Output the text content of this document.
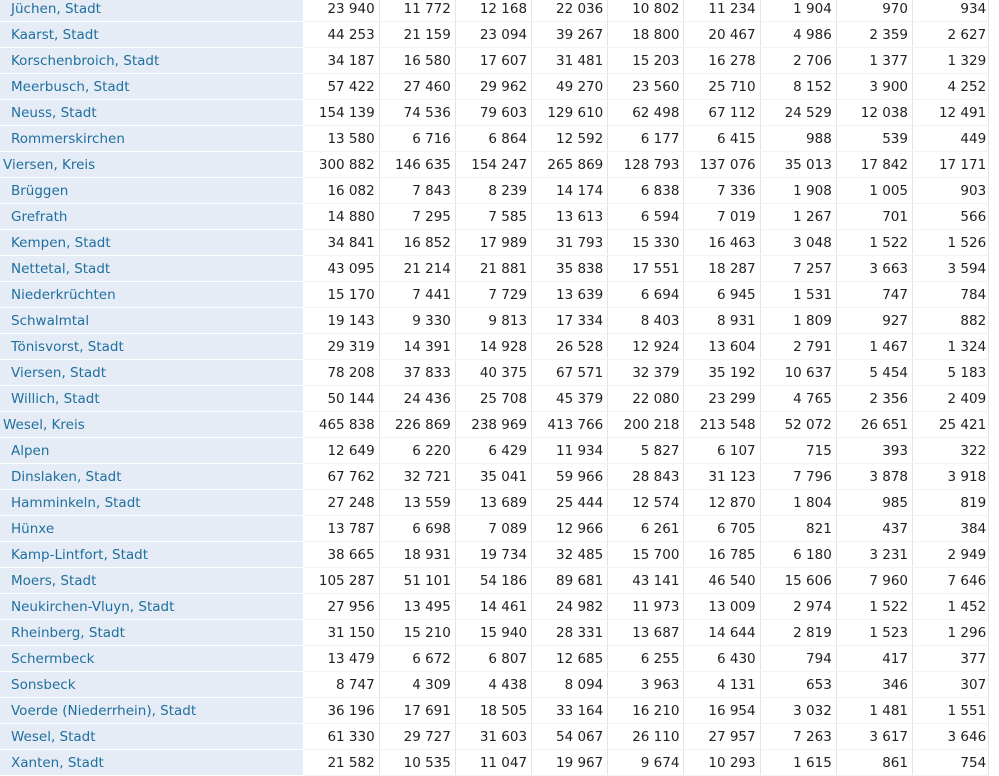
Jüchen, Stadt	23 940	11 772	12 168	22 036	10 802	11 234	1 904	970	934
Kaarst, Stadt	44 253	21 159	23 094	39 267	18 800	20 467	4 986	2 359	2 627
Korschenbroich, Stadt	34 187	16 580	17 607	31 481	15 203	16 278	2 706	1 377	1 329
Meerbusch, Stadt	57 422	27 460	29 962	49 270	23 560	25 710	8 152	3 900	4 252
Neuss, Stadt	154 139	74 536	79 603	129 610	62 498	67 112	24 529	12 038	12 491
Rommerskirchen	13 580	6 716	6 864	12 592	6 177	6 415	988	539	449
Viersen, Kreis	300 882	146 635	154 247	265 869	128 793	137 076	35 013	17 842	17 171
Brüggen	16 082	7 843	8 239	14 174	6 838	7 336	1 908	1 005	903
Grefrath	14 880	7 295	7 585	13 613	6 594	7 019	1 267	701	566
Kempen, Stadt	34 841	16 852	17 989	31 793	15 330	16 463	3 048	1 522	1 526
Nettetal, Stadt	43 095	21 214	21 881	35 838	17 551	18 287	7 257	3 663	3 594
Niederkrüchten	15 170	7 441	7 729	13 639	6 694	6 945	1 531	747	784
Schwalmtal	19 143	9 330	9 813	17 334	8 403	8 931	1 809	927	882
Tönisvorst, Stadt	29 319	14 391	14 928	26 528	12 924	13 604	2 791	1 467	1 324
Viersen, Stadt	78 208	37 833	40 375	67 571	32 379	35 192	10 637	5 454	5 183
Willich, Stadt	50 144	24 436	25 708	45 379	22 080	23 299	4 765	2 356	2 409
Wesel, Kreis	465 838	226 869	238 969	413 766	200 218	213 548	52 072	26 651	25 421
Alpen	12 649	6 220	6 429	11 934	5 827	6 107	715	393	322
Dinslaken, Stadt	67 762	32 721	35 041	59 966	28 843	31 123	7 796	3 878	3 918
Hamminkeln, Stadt	27 248	13 559	13 689	25 444	12 574	12 870	1 804	985	819
Hünxe	13 787	6 698	7 089	12 966	6 261	6 705	821	437	384
Kamp-Lintfort, Stadt	38 665	18 931	19 734	32 485	15 700	16 785	6 180	3 231	2 949
Moers, Stadt	105 287	51 101	54 186	89 681	43 141	46 540	15 606	7 960	7 646
Neukirchen-Vluyn, Stadt	27 956	13 495	14 461	24 982	11 973	13 009	2 974	1 522	1 452
Rheinberg, Stadt	31 150	15 210	15 940	28 331	13 687	14 644	2 819	1 523	1 296
Schermbeck	13 479	6 672	6 807	12 685	6 255	6 430	794	417	377
Sonsbeck	8 747	4 309	4 438	8 094	3 963	4 131	653	346	307
Voerde (Niederrhein), Stadt	36 196	17 691	18 505	33 164	16 210	16 954	3 032	1 481	1 551
Wesel, Stadt	61 330	29 727	31 603	54 067	26 110	27 957	7 263	3 617	3 646
Xanten, Stadt	21 582	10 535	11 047	19 967	9 674	10 293	1 615	861	754
